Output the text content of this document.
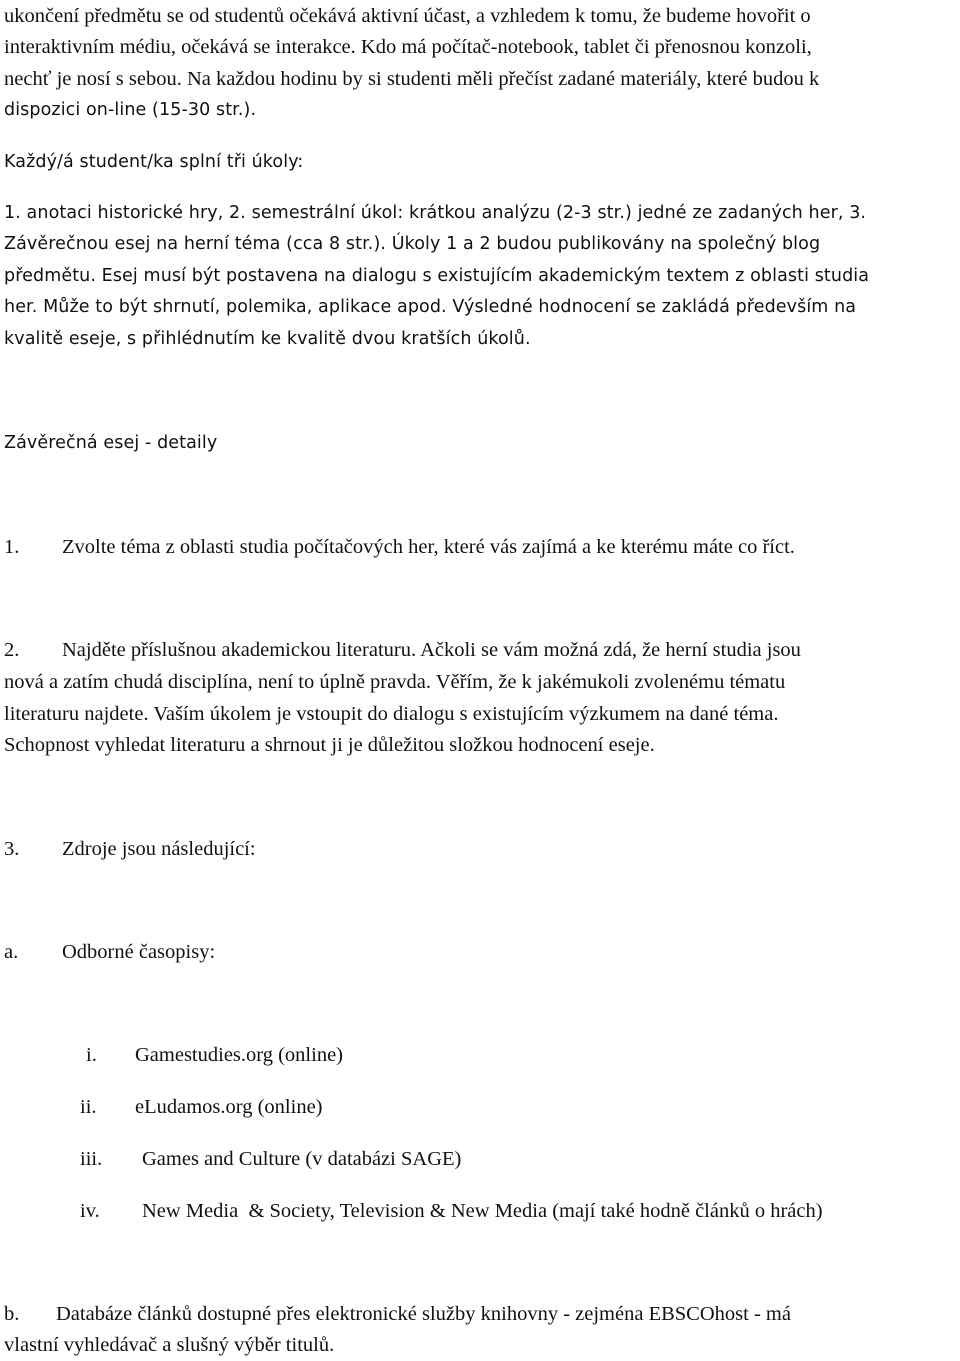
ukončení předmětu se od studentů očekává aktivní účast, a vzhledem k tomu, že budeme hovořit o

interaktivním médiu, očekává se interakce. Kdo má počítač-notebook, tablet či přenosnou konzoli,

nechť je nosí s sebou. Na každou hodinu by si studenti měli přečíst zadané materiály, které budou k

dispozici on-line (15-30 str.).

Každý/á student/ka splní tři úkoly:

1. anotaci historické hry, 2. semestrální úkol: krátkou analýzu (2-3 str.) jedné ze zadaných her, 3.

Závěrečnou esej na herní téma (cca 8 str.). Úkoly 1 a 2 budou publikovány na společný blog

předmětu. Esej musí být postavena na dialogu s existujícím akademickým textem z oblasti studia

her. Může to být shrnutí, polemika, aplikace apod. Výsledné hodnocení se zakládá především na

kvalitě eseje, s přihlédnutím ke kvalitě dvou kratších úkolů.

Závěrečná esej - detaily

1. Zvolte téma z oblasti studia počítačových her, které vás zajímá a ke kterému máte co říct.
2. Najděte příslušnou akademickou literaturu. Ačkoli se vám možná zdá, že herní studia jsou

nová a zatím chudá disciplína, není to úplně pravda. Věřím, že k jakémukoli zvolenému tématu

literaturu najdete. Vaším úkolem je vstoupit do dialogu s existujícím výzkumem na dané téma.

Schopnost vyhledat literaturu a shrnout ji je důležitou složkou hodnocení eseje.

3. Zdroje jsou následující:
a. Odborné časopisy:
i. Gamestudies.org (online)
ii. eLudamos.org (online)
iii. Games and Culture (v databázi SAGE)
iv. New Media  & Society, Television & New Media (mají také hodně článků o hrách)
b. Databáze článků dostupné přes elektronické služby knihovny - zejména EBSCOhost - má

vlastní vyhledávač a slušný výběr titulů.
